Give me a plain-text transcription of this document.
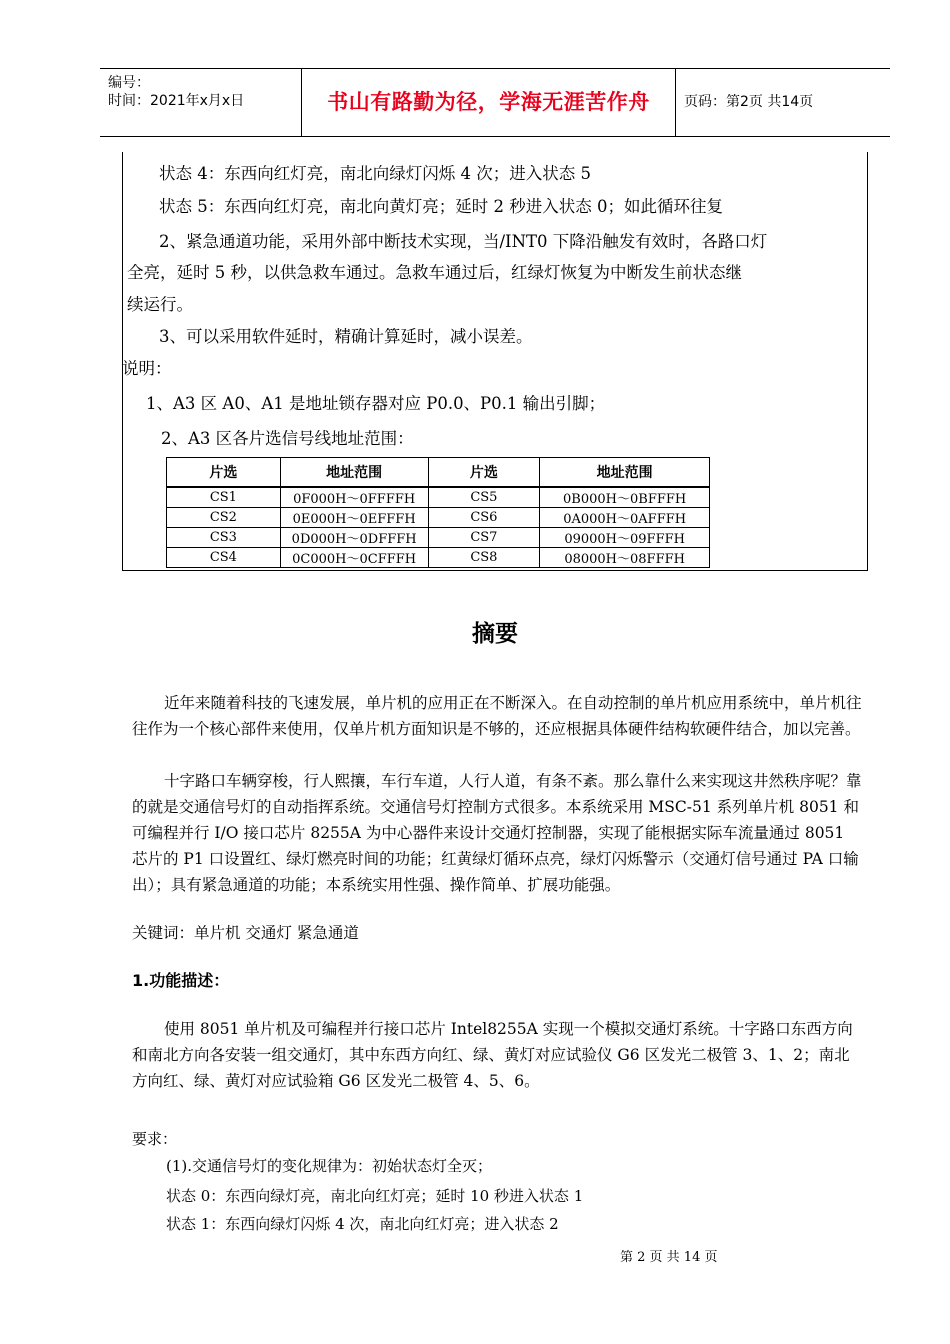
编号：
时间：2021年x月x日	书山有路勤为径，学海无涯苦作舟	页码：第2页 共14页
状态 4：东西向红灯亮，南北向绿灯闪烁 4 次；进入状态 5
状态 5：东西向红灯亮，南北向黄灯亮；延时 2 秒进入状态 0；如此循环往复
2、紧急通道功能，采用外部中断技术实现，当/INT0 下降沿触发有效时，各路口灯
全亮，延时 5 秒，以供急救车通过。急救车通过后，红绿灯恢复为中断发生前状态继
续运行。
3、可以采用软件延时，精确计算延时，减小误差。
说明：
1、A3 区 A0、A1 是地址锁存器对应 P0.0、P0.1 输出引脚；
2、A3 区各片选信号线地址范围：
片选	地址范围	片选	地址范围
CS1	0F000H～0FFFFH	CS5	0B000H～0BFFFH
CS2	0E000H～0EFFFH	CS6	0A000H～0AFFFH
CS3	0D000H～0DFFFH	CS7	09000H～09FFFH
CS4	0C000H～0CFFFH	CS8	08000H～08FFFH
摘要
近年来随着科技的飞速发展，单片机的应用正在不断深入。在自动控制的单片机应用系统中，单片机往往作为一个核心部件来使用，仅单片机方面知识是不够的，还应根据具体硬件结构软硬件结合，加以完善。
十字路口车辆穿梭，行人熙攘，车行车道，人行人道，有条不紊。那么靠什么来实现这井然秩序呢？靠的就是交通信号灯的自动指挥系统。交通信号灯控制方式很多。本系统采用 MSC-51 系列单片机 8051 和可编程并行 I/O 接口芯片 8255A 为中心器件来设计交通灯控制器，实现了能根据实际车流量通过 8051 芯片的 P1 口设置红、绿灯燃亮时间的功能；红黄绿灯循环点亮，绿灯闪烁警示（交通灯信号通过 PA 口输出）；具有紧急通道的功能；本系统实用性强、操作简单、扩展功能强。
关键词：单片机 交通灯 紧急通道
1.功能描述：
使用 8051 单片机及可编程并行接口芯片 Intel8255A 实现一个模拟交通灯系统。十字路口东西方向和南北方向各安装一组交通灯，其中东西方向红、绿、黄灯对应试验仪 G6 区发光二极管 3、1、2；南北方向红、绿、黄灯对应试验箱 G6 区发光二极管 4、5、6。
要求：
(1).交通信号灯的变化规律为：初始状态灯全灭；
状态 0：东西向绿灯亮，南北向红灯亮；延时 10 秒进入状态 1
状态 1：东西向绿灯闪烁 4 次，南北向红灯亮；进入状态 2
第 2 页 共 14 页
